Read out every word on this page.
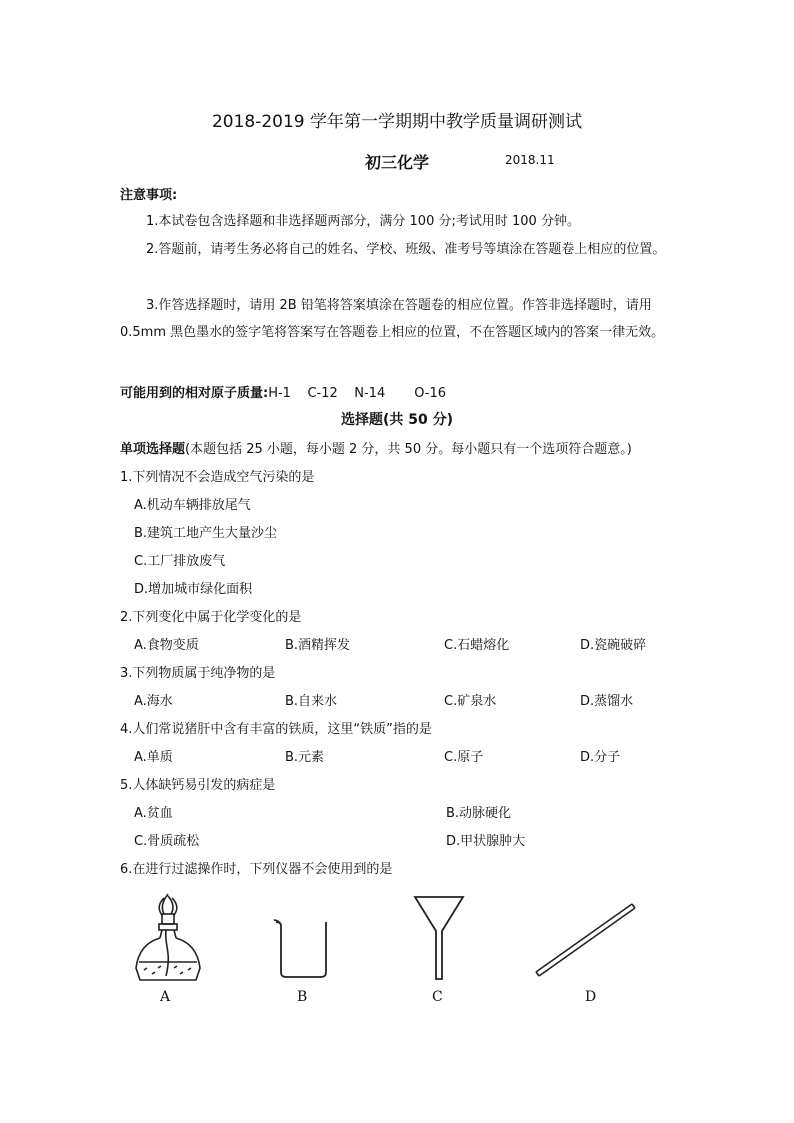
2018-2019 学年第一学期期中教学质量调研测试
初三化学	2018.11
注意事项:
1.本试卷包含选择题和非选择题两部分，满分 100 分;考试用时 100 分钟。
2.答题前，请考生务必将自己的姓名、学校、班级、准考号等填涂在答题卷上相应的位置。
3.作答选择题时，请用 2B 铅笔将答案填涂在答题卷的相应位置。作答非选择题时，请用 0.5mm 黑色墨水的签字笔将答案写在答题卷上相应的位置，不在答题区域内的答案一律无效。
可能用到的相对原子质量:H-1    C-12    N-14       O-16
选择题(共 50 分)
单项选择题(本题包括 25 小题，每小题 2 分，共 50 分。每小题只有一个选项符合题意。)
1.下列情况不会造成空气污染的是
A.机动车辆排放尾气
B.建筑工地产生大量沙尘
C.工厂排放废气
D.增加城市绿化面积
2.下列变化中属于化学变化的是
A.食物变质	B.酒精挥发	C.石蜡熔化	D.瓷碗破碎
3.下列物质属于纯净物的是
A.海水	B.自来水	C.矿泉水	D.蒸馏水
4.人们常说猪肝中含有丰富的铁质，这里“铁质”指的是
A.单质	B.元素	C.原子	D.分子
5.人体缺钙易引发的病症是
A.贫血	B.动脉硬化
C.骨质疏松	D.甲状腺肿大
6.在进行过滤操作时，下列仪器不会使用到的是
A	B	C	D
